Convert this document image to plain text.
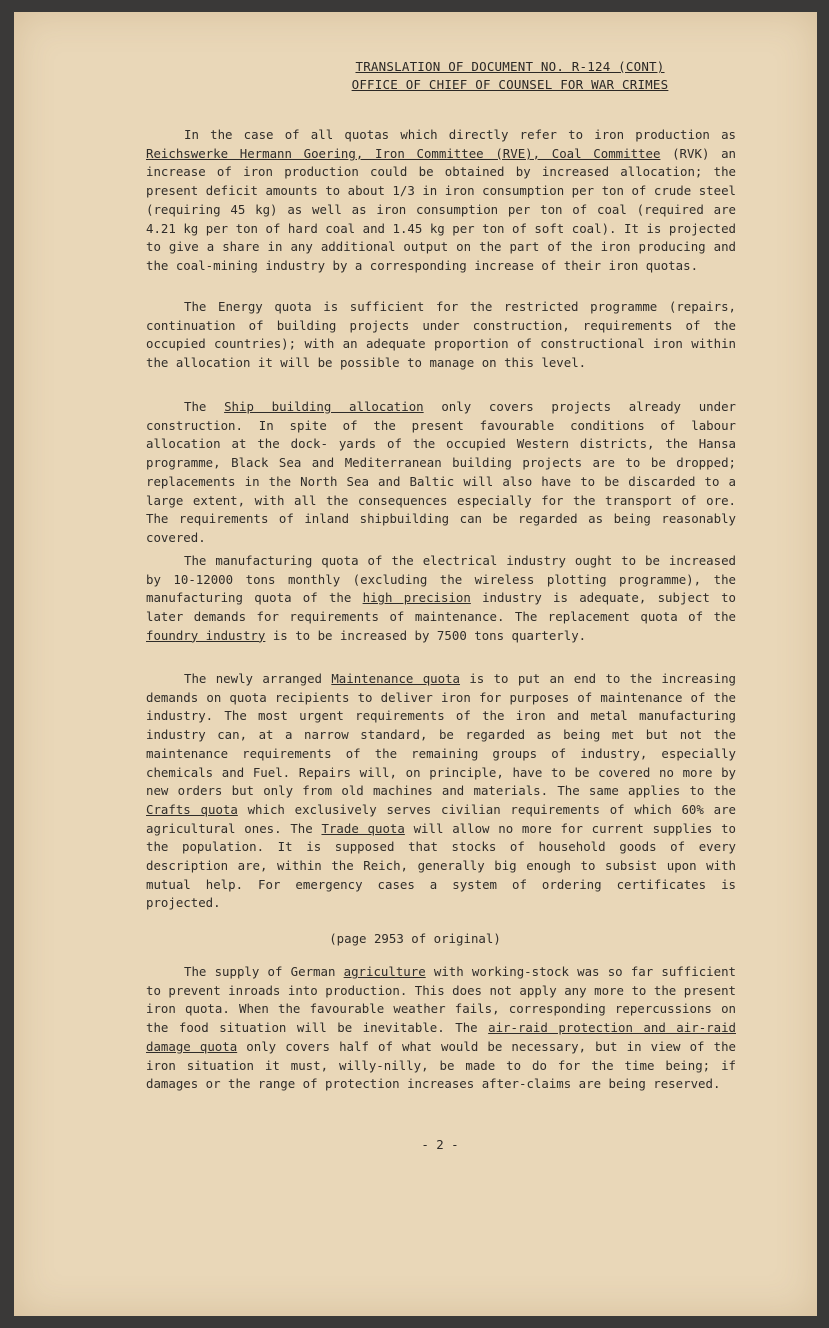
TRANSLATION OF DOCUMENT NO. R-124 (CONT)
OFFICE OF CHIEF OF COUNSEL FOR WAR CRIMES

In the case of all quotas which directly refer to iron production as Reichswerke Hermann Goering, Iron Committee (RVE), Coal Committee (RVK) an increase of iron production could be obtained by increased allocation; the present deficit amounts to about 1/3 in iron consumption per ton of crude steel (requiring 45 kg) as well as iron consumption per ton of coal (required are 4.21 kg per ton of hard coal and 1.45 kg per ton of soft coal). It is projected to give a share in any additional output on the part of the iron producing and the coal-mining industry by a corresponding increase of their iron quotas.

The Energy quota is sufficient for the restricted programme (repairs, continuation of building projects under construction, requirements of the occupied countries); with an adequate proportion of constructional iron within the allocation it will be possible to manage on this level.

The Ship building allocation only covers projects already under construction. In spite of the present favourable conditions of labour allocation at the dock- yards of the occupied Western districts, the Hansa programme, Black Sea and Mediterranean building projects are to be dropped; replacements in the North Sea and Baltic will also have to be discarded to a large extent, with all the consequences especially for the transport of ore. The requirements of inland shipbuilding can be regarded as being reasonably covered.

The manufacturing quota of the electrical industry ought to be increased by 10-12000 tons monthly (excluding the wireless plotting programme), the manufacturing quota of the high precision industry is adequate, subject to later demands for requirements of maintenance. The replacement quota of the foundry industry is to be increased by 7500 tons quarterly.

The newly arranged Maintenance quota is to put an end to the increasing demands on quota recipients to deliver iron for purposes of maintenance of the industry. The most urgent requirements of the iron and metal manufacturing industry can, at a narrow standard, be regarded as being met but not the maintenance requirements of the remaining groups of industry, especially chemicals and Fuel. Repairs will, on principle, have to be covered no more by new orders but only from old machines and materials. The same applies to the Crafts quota which exclusively serves civilian requirements of which 60% are agricultural ones. The Trade quota will allow no more for current supplies to the population. It is supposed that stocks of household goods of every description are, within the Reich, generally big enough to subsist upon with mutual help. For emergency cases a system of ordering certificates is projected.

(page 2953 of original)

The supply of German agriculture with working-stock was so far sufficient to prevent inroads into production. This does not apply any more to the present iron quota. When the favourable weather fails, corresponding repercussions on the food situation will be inevitable. The air-raid protection and air-raid damage quota only covers half of what would be necessary, but in view of the iron situation it must, willy-nilly, be made to do for the time being; if damages or the range of protection increases after-claims are being reserved.

- 2 -
